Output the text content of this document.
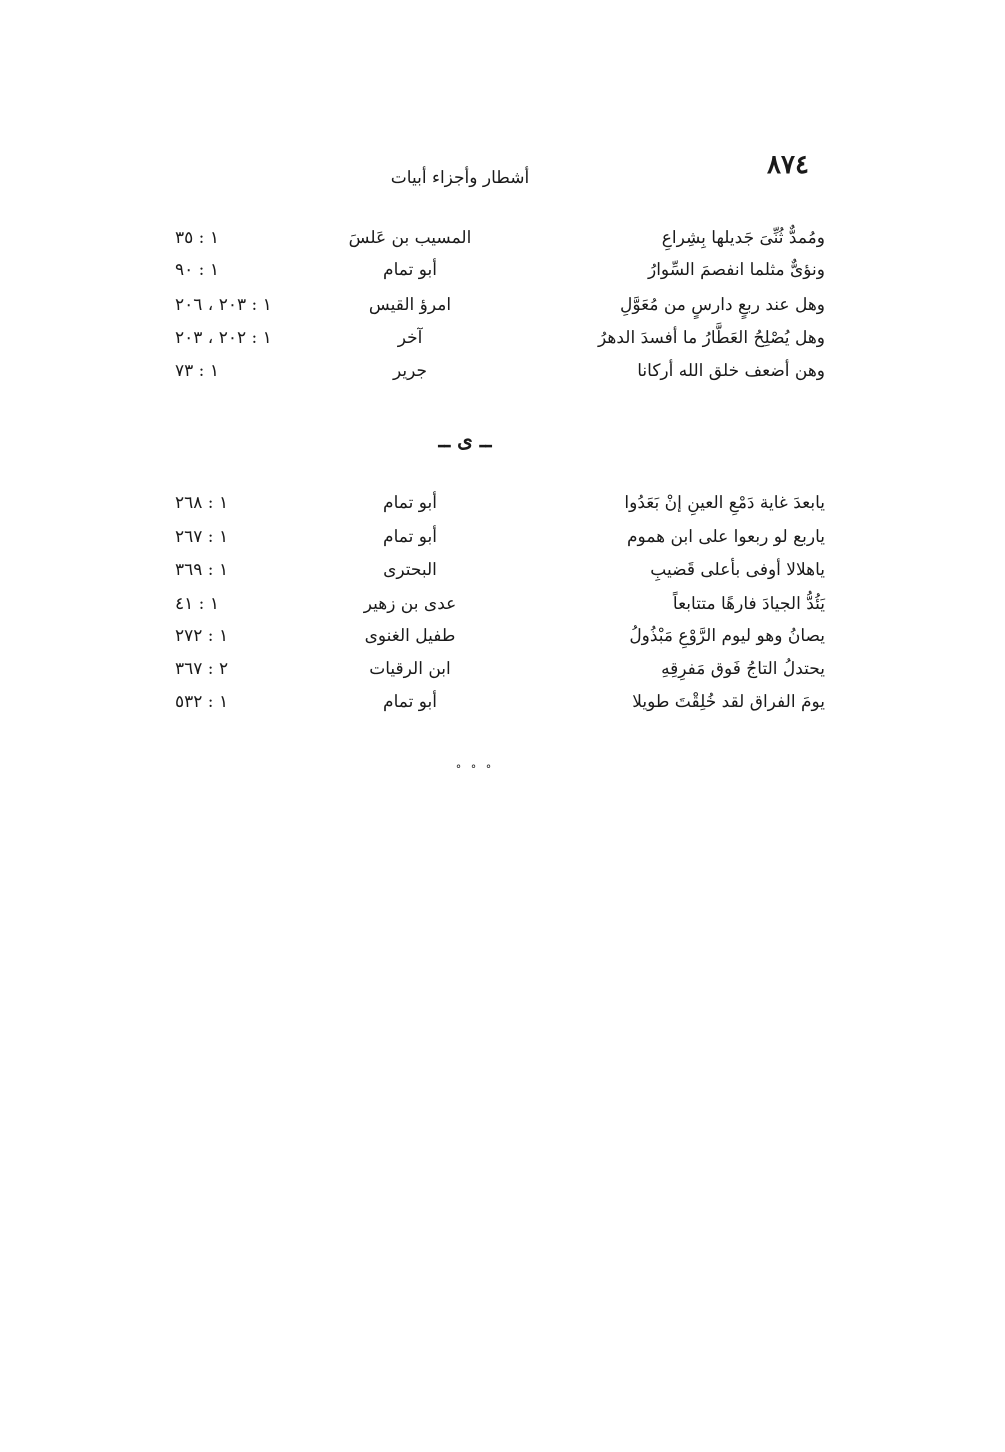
٨٧٤
أشطار وأجزاء أبيات
ومُمدٌّ ثُنِّىَ جَديلها بِشِراعِ
المسيب بن عَلسَ
١ : ٣٥
ونؤىٌّ مثلما انفصمَ السِّوارُ
أبو تمام
١ : ٩٠
وهل عند ربعٍ دارسٍ من مُعَوَّلِ
امرؤ القيس
١ : ٢٠٣ ، ٢٠٦
وهل يُصْلِحُ العَطَّارُ ما أفسدَ الدهرُ
آخر
١ : ٢٠٢ ، ٢٠٣
وهن أضعف خلق الله أركانا
جرير
١ : ٧٣
ــ ى ــ
يابعدَ غاية دَمْعِ العينِ إنْ بَعَدُوا
أبو تمام
١ : ٢٦٨
ياربع لو ربعوا على ابن هموم
أبو تمام
١ : ٢٦٧
ياهلالا أوفى بأعلى قَضيبِ
البحترى
١ : ٣٦٩
يَئُدُّ الجيادَ فارهًا متتابعاً
عدى بن زهير
١ : ٤١
يصانُ وهو ليوم الرَّوْعِ مَبْذُولُ
طفيل الغنوى
١ : ٢٧٢
يحتدلُ التاجُ فَوق مَفرِقِهِ
ابن الرقيات
٢ : ٣٦٧
يومَ الفراق لقد خُلِقْتَ طويلا
أبو تمام
١ : ٥٣٢
° ° °
